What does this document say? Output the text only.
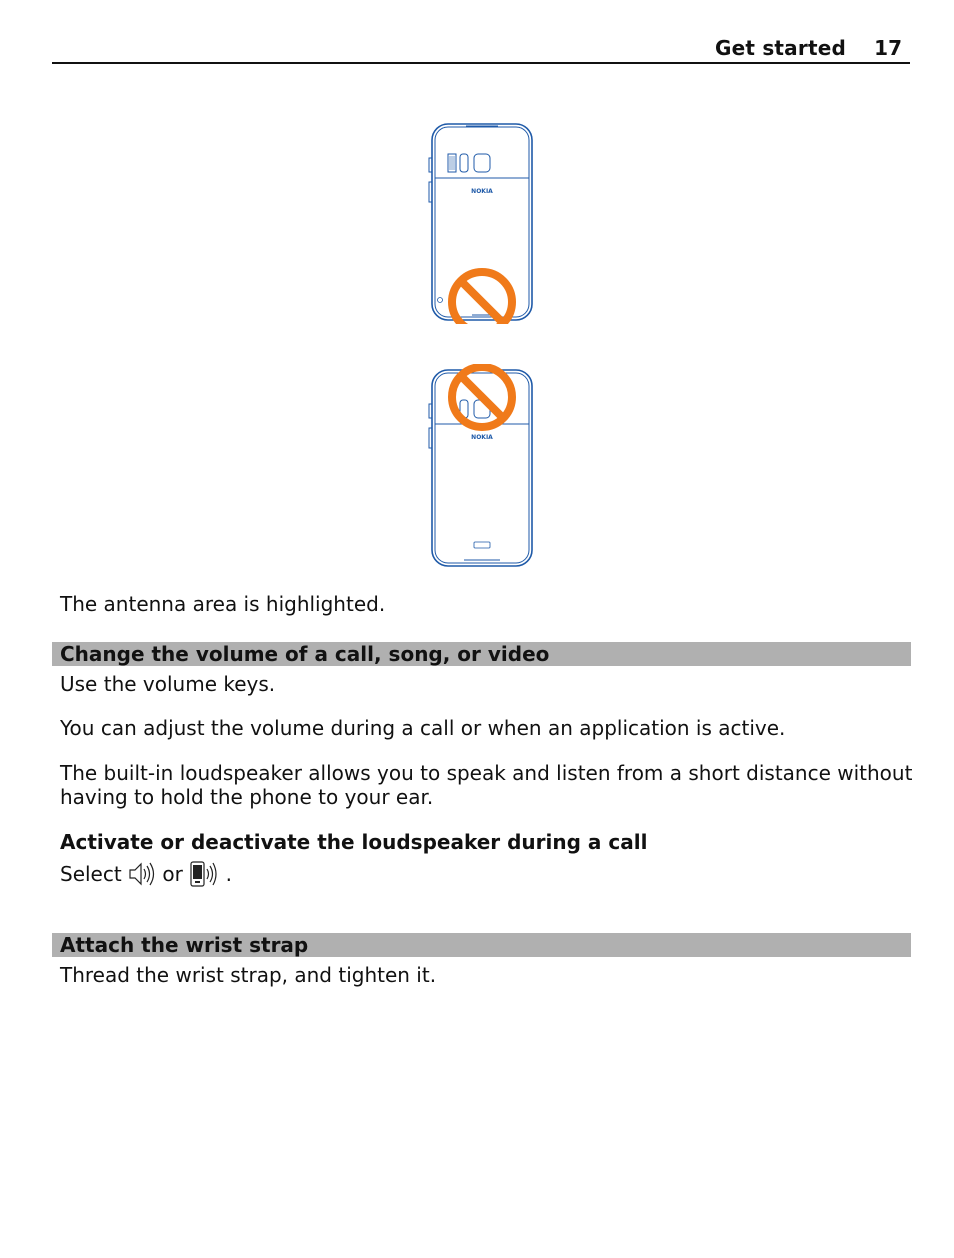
Get started 17
NOKIA
NOKIA
The antenna area is highlighted.
Change the volume of a call, song, or video
Use the volume keys.
You can adjust the volume during a call or when an application is active.
The built-in loudspeaker allows you to speak and listen from a short distance without
having to hold the phone to your ear.
Activate or deactivate the loudspeaker during a call
Select or .
Attach the wrist strap
Thread the wrist strap, and tighten it.
